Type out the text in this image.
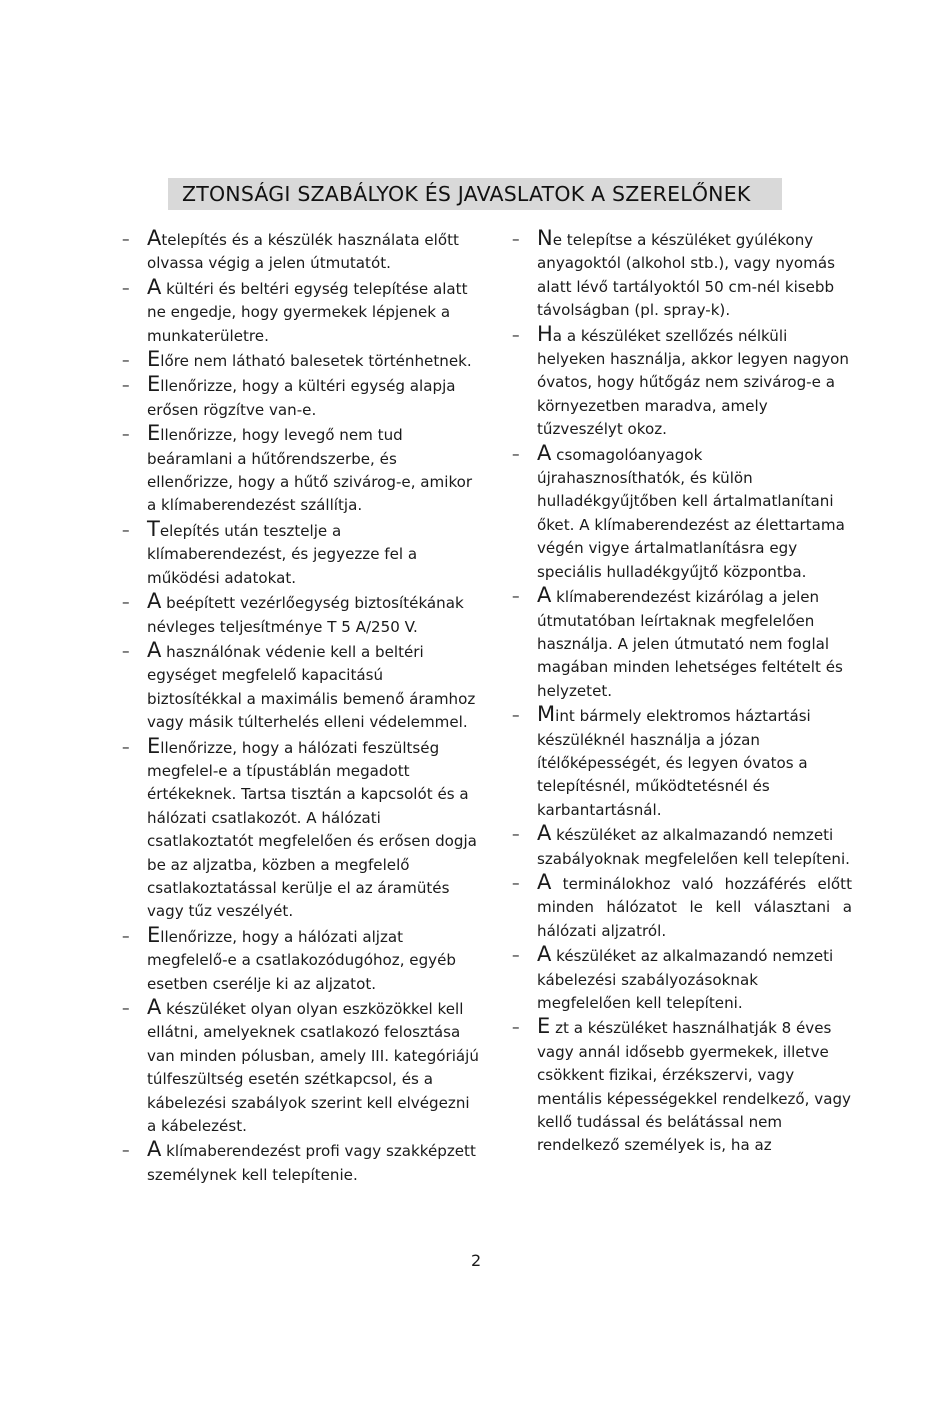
ZTONSÁGI SZABÁLYOK ÉS JAVASLATOK A SZERELŐNEK
– Atelepítés és a készülék használata előtt olvassa végig a jelen útmutatót.
– A kültéri és beltéri egység telepítése alatt ne engedje, hogy gyermekek lépjenek a munkaterületre.
– Előre nem látható balesetek történhetnek.
– Ellenőrizze, hogy a kültéri egység alapja erősen rögzítve van-e.
– Ellenőrizze, hogy levegő nem tud beáramlani a hűtőrendszerbe, és ellenőrizze, hogy a hűtő szivárog-e, amikor a klímaberendezést szállítja.
– Telepítés után tesztelje a klímaberendezést, és jegyezze fel a működési adatokat.
– A beépített vezérlőegység biztosítékának névleges teljesítménye T 5 A/250 V.
– A használónak védenie kell a beltéri egységet megfelelő kapacitású biztosítékkal a maximális bemenő áramhoz vagy másik túlterhelés elleni védelemmel.
– Ellenőrizze, hogy a hálózati feszültség megfelel-e a típustáblán megadott értékeknek. Tartsa tisztán a kapcsolót és a hálózati csatlakozót. A hálózati csatlakoztatót megfelelően és erősen dogja be az aljzatba, közben a megfelelő csatlakoztatással kerülje el az áramütés vagy tűz veszélyét.
– Ellenőrizze, hogy a hálózati aljzat megfelelő-e a csatlakozódugóhoz, egyéb esetben cserélje ki az aljzatot.
– A készüléket olyan olyan eszközökkel kell ellátni, amelyeknek csatlakozó felosztása van minden pólusban, amely III. kategóriájú túlfeszültség esetén szétkapcsol, és a kábelezési szabályok szerint kell elvégezni a kábelezést.
– A klímaberendezést profi vagy szakképzett személynek kell telepítenie.
– Ne telepítse a készüléket gyúlékony anyagoktól (alkohol stb.), vagy nyomás alatt lévő tartályoktól 50 cm-nél kisebb távolságban (pl. spray-k).
– Ha a készüléket szellőzés nélküli helyeken használja, akkor legyen nagyon óvatos, hogy hűtőgáz nem szivárog-e a környezetben maradva, amely tűzveszélyt okoz.
– A csomagolóanyagok újrahasznosíthatók, és külön hulladékgyűjtőben kell ártalmatlanítani őket. A klímaberendezést az élettartama végén vigye ártalmatlanításra egy speciális hulladékgyűjtő központba.
– A klímaberendezést kizárólag a jelen útmutatóban leírtaknak megfelelően használja. A jelen útmutató nem foglal magában minden lehetséges feltételt és helyzetet.
– Mint bármely elektromos háztartási készüléknél használja a józan ítélőképességét, és legyen óvatos a telepítésnél, működtetésnél és karbantartásnál.
– A készüléket az alkalmazandó nemzeti szabályoknak megfelelően kell telepíteni.
– A terminálokhoz való hozzáférés előtt minden hálózatot le kell választani a hálózati aljzatról.
– A készüléket az alkalmazandó nemzeti kábelezési szabályozásoknak megfelelően kell telepíteni.
– E zt a készüléket használhatják 8 éves vagy annál idősebb gyermekek, illetve csökkent fizikai, érzékszervi, vagy mentális képességekkel rendelkező, vagy kellő tudással és belátással nem rendelkező személyek is, ha az
2
